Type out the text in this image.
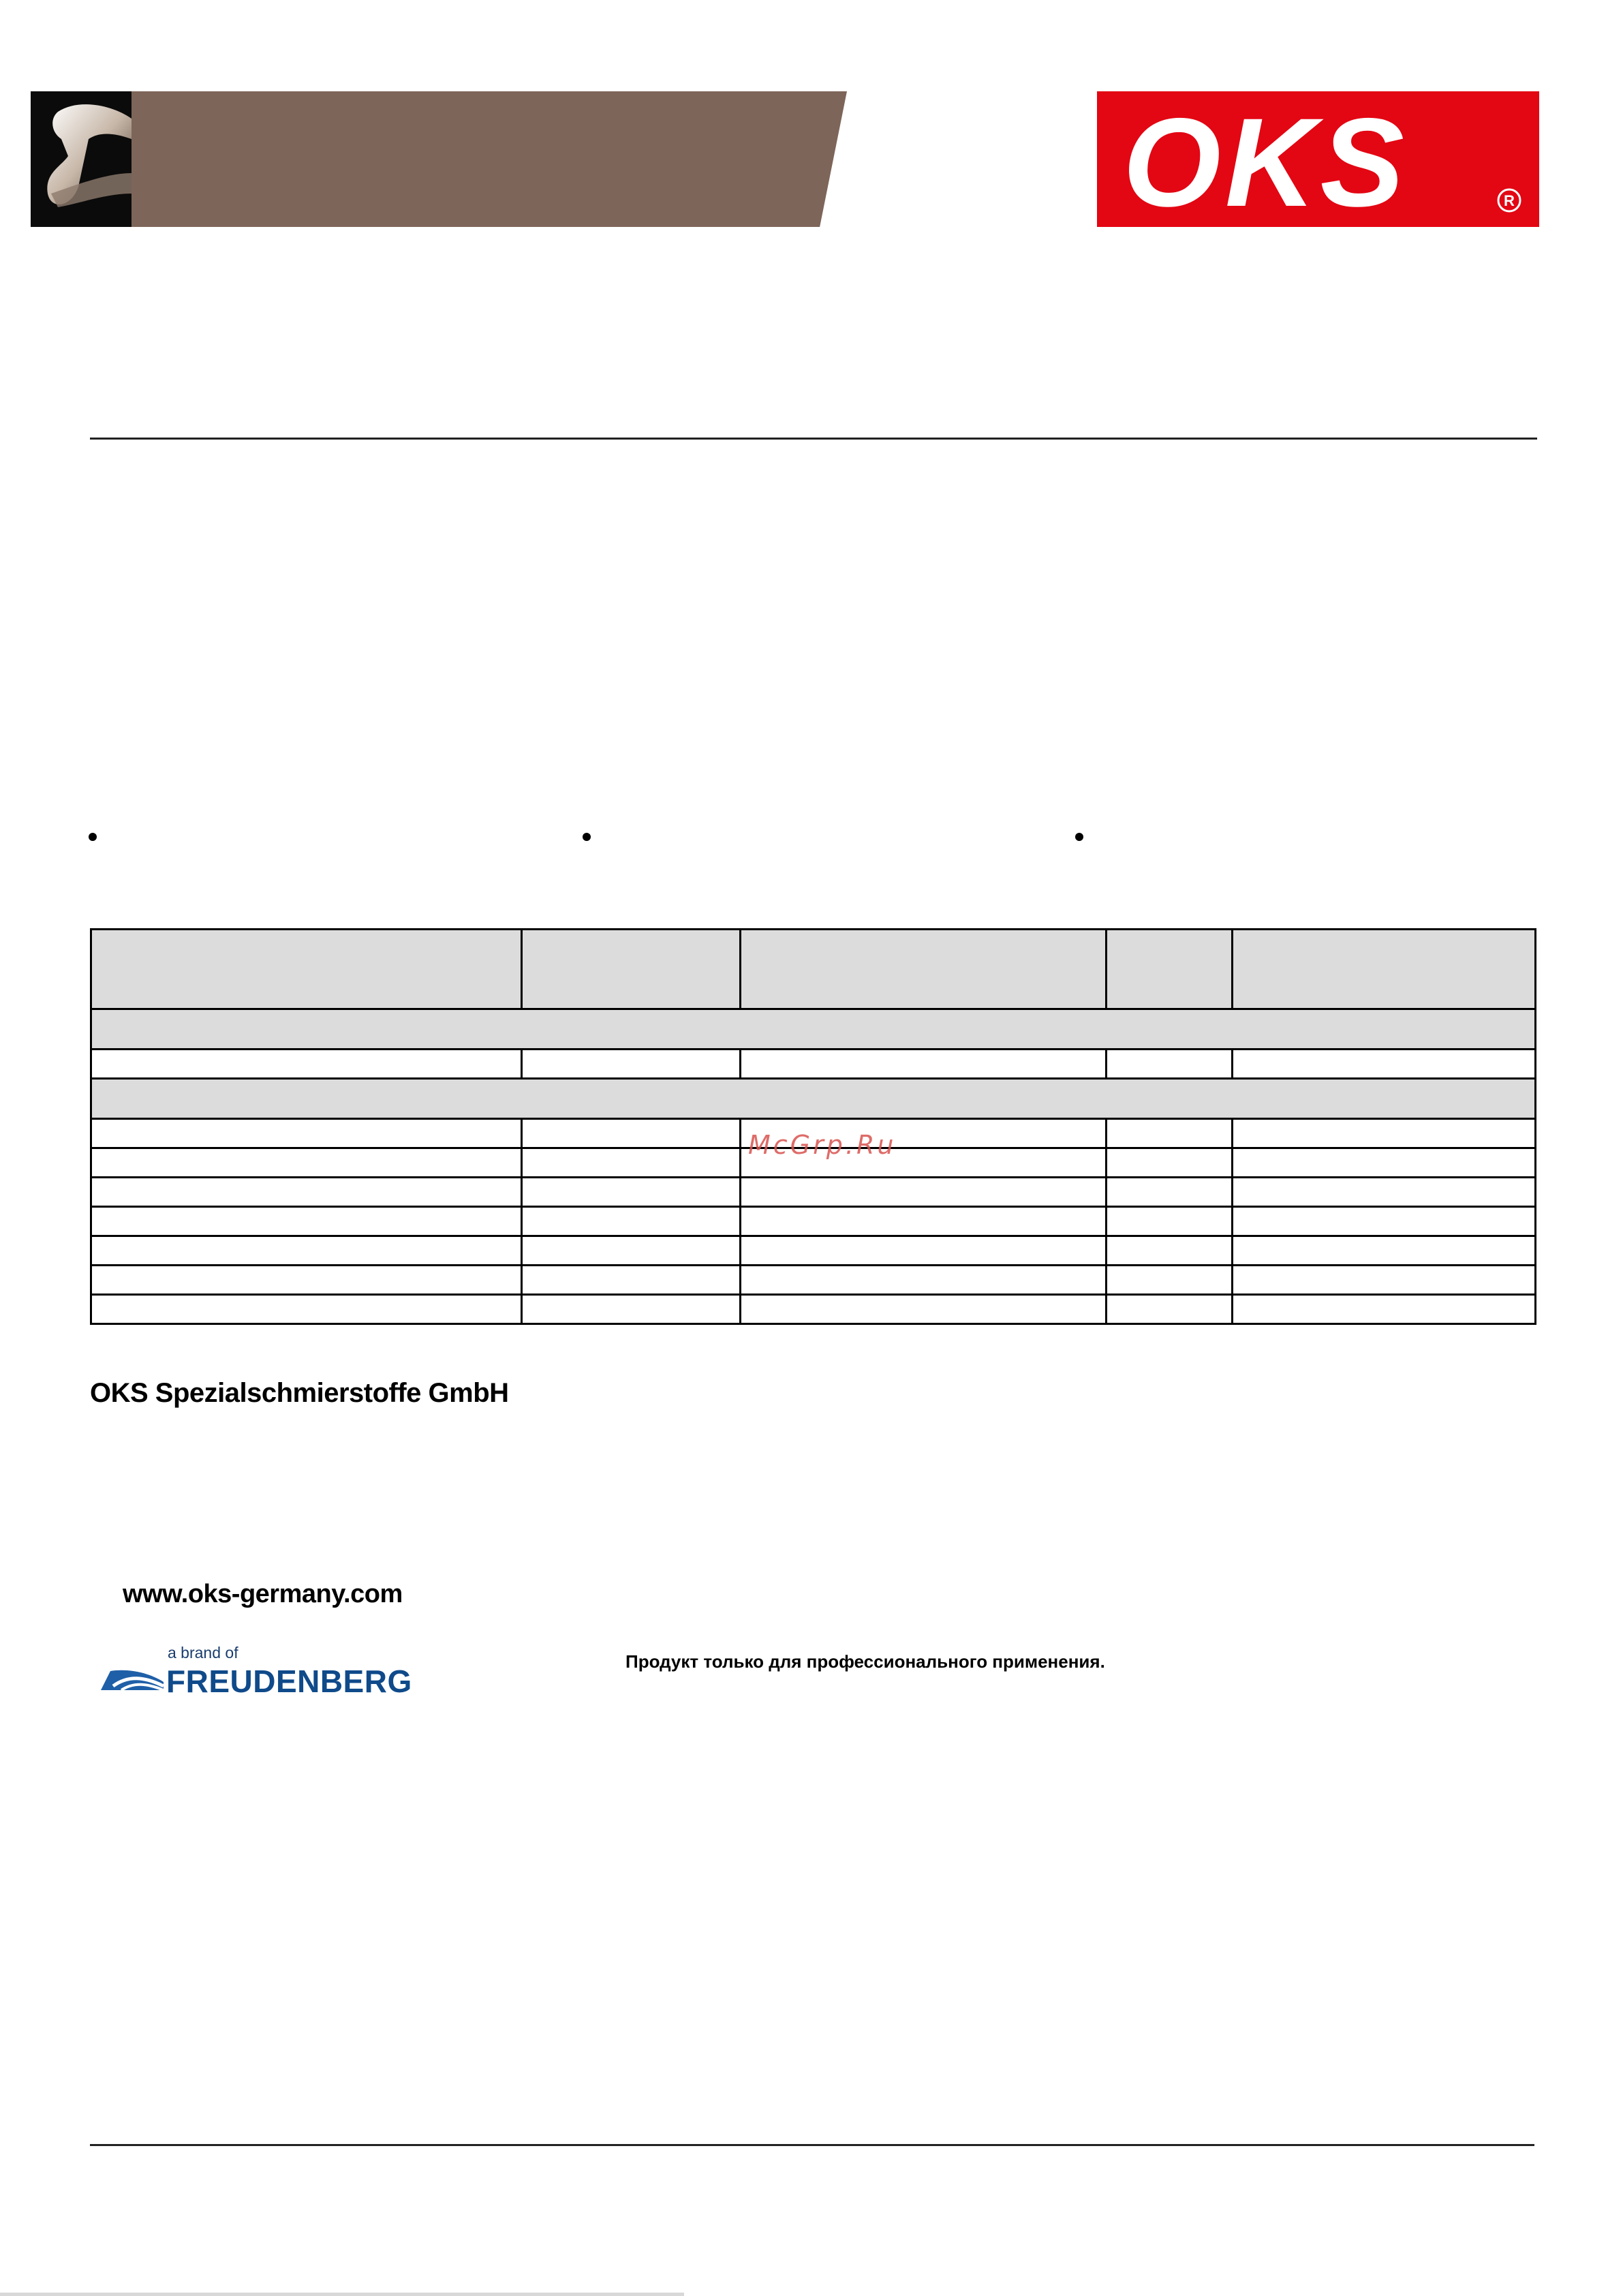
OKS	R

McGrp.Ru
OKS Spezialschmierstoffe GmbH
www.oks-germany.com
a brand of
FREUDENBERG
Продукт только для профессионального применения.
